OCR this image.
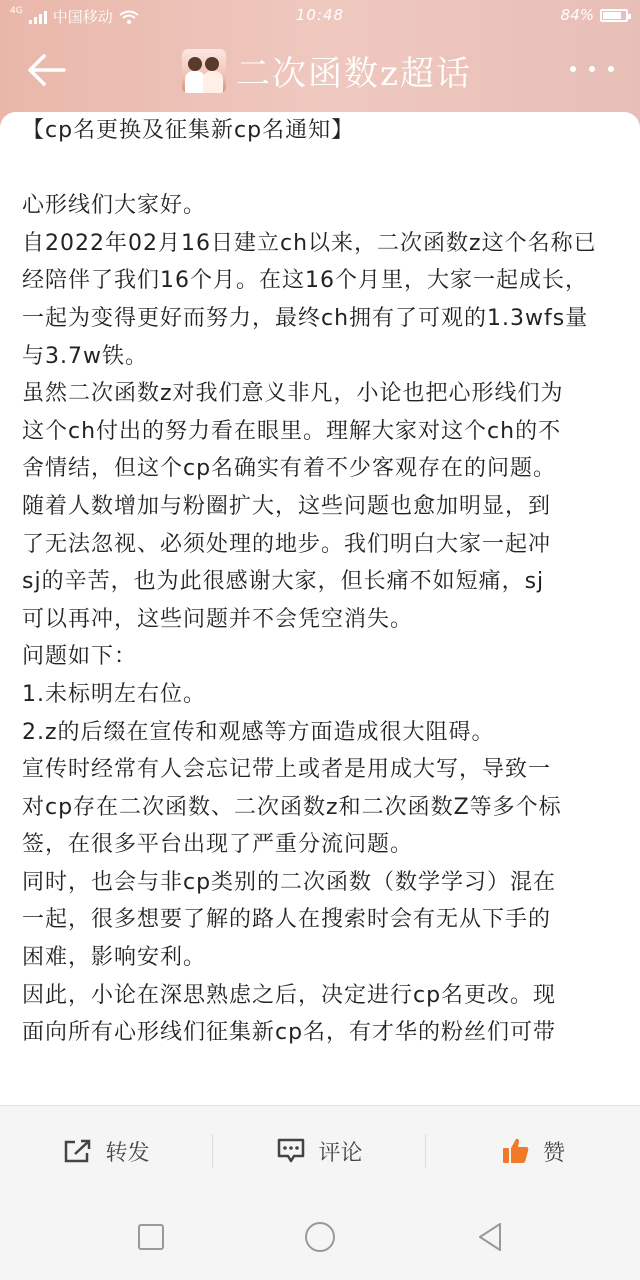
4G 中国移动	10:48	84%
二次函数z超话

【cp名更换及征集新cp名通知】

心形线们大家好。

自2022年02月16日建立ch以来，二次函数z这个名称已

经陪伴了我们16个月。在这16个月里，大家一起成长，

一起为变得更好而努力，最终ch拥有了可观的1.3wfs量

与3.7w铁。

虽然二次函数z对我们意义非凡，小论也把心形线们为

这个ch付出的努力看在眼里。理解大家对这个ch的不

舍情结，但这个cp名确实有着不少客观存在的问题。

随着人数增加与粉圈扩大，这些问题也愈加明显，到

了无法忽视、必须处理的地步。我们明白大家一起冲

sj的辛苦，也为此很感谢大家，但长痛不如短痛，sj

可以再冲，这些问题并不会凭空消失。

问题如下：

1.未标明左右位。

2.z的后缀在宣传和观感等方面造成很大阻碍。

宣传时经常有人会忘记带上或者是用成大写，导致一

对cp存在二次函数、二次函数z和二次函数Z等多个标

签，在很多平台出现了严重分流问题。

同时，也会与非cp类别的二次函数（数学学习）混在

一起，很多想要了解的路人在搜索时会有无从下手的

困难，影响安利。

因此，小论在深思熟虑之后，决定进行cp名更改。现

面向所有心形线们征集新cp名，有才华的粉丝们可带

转发	评论	赞
